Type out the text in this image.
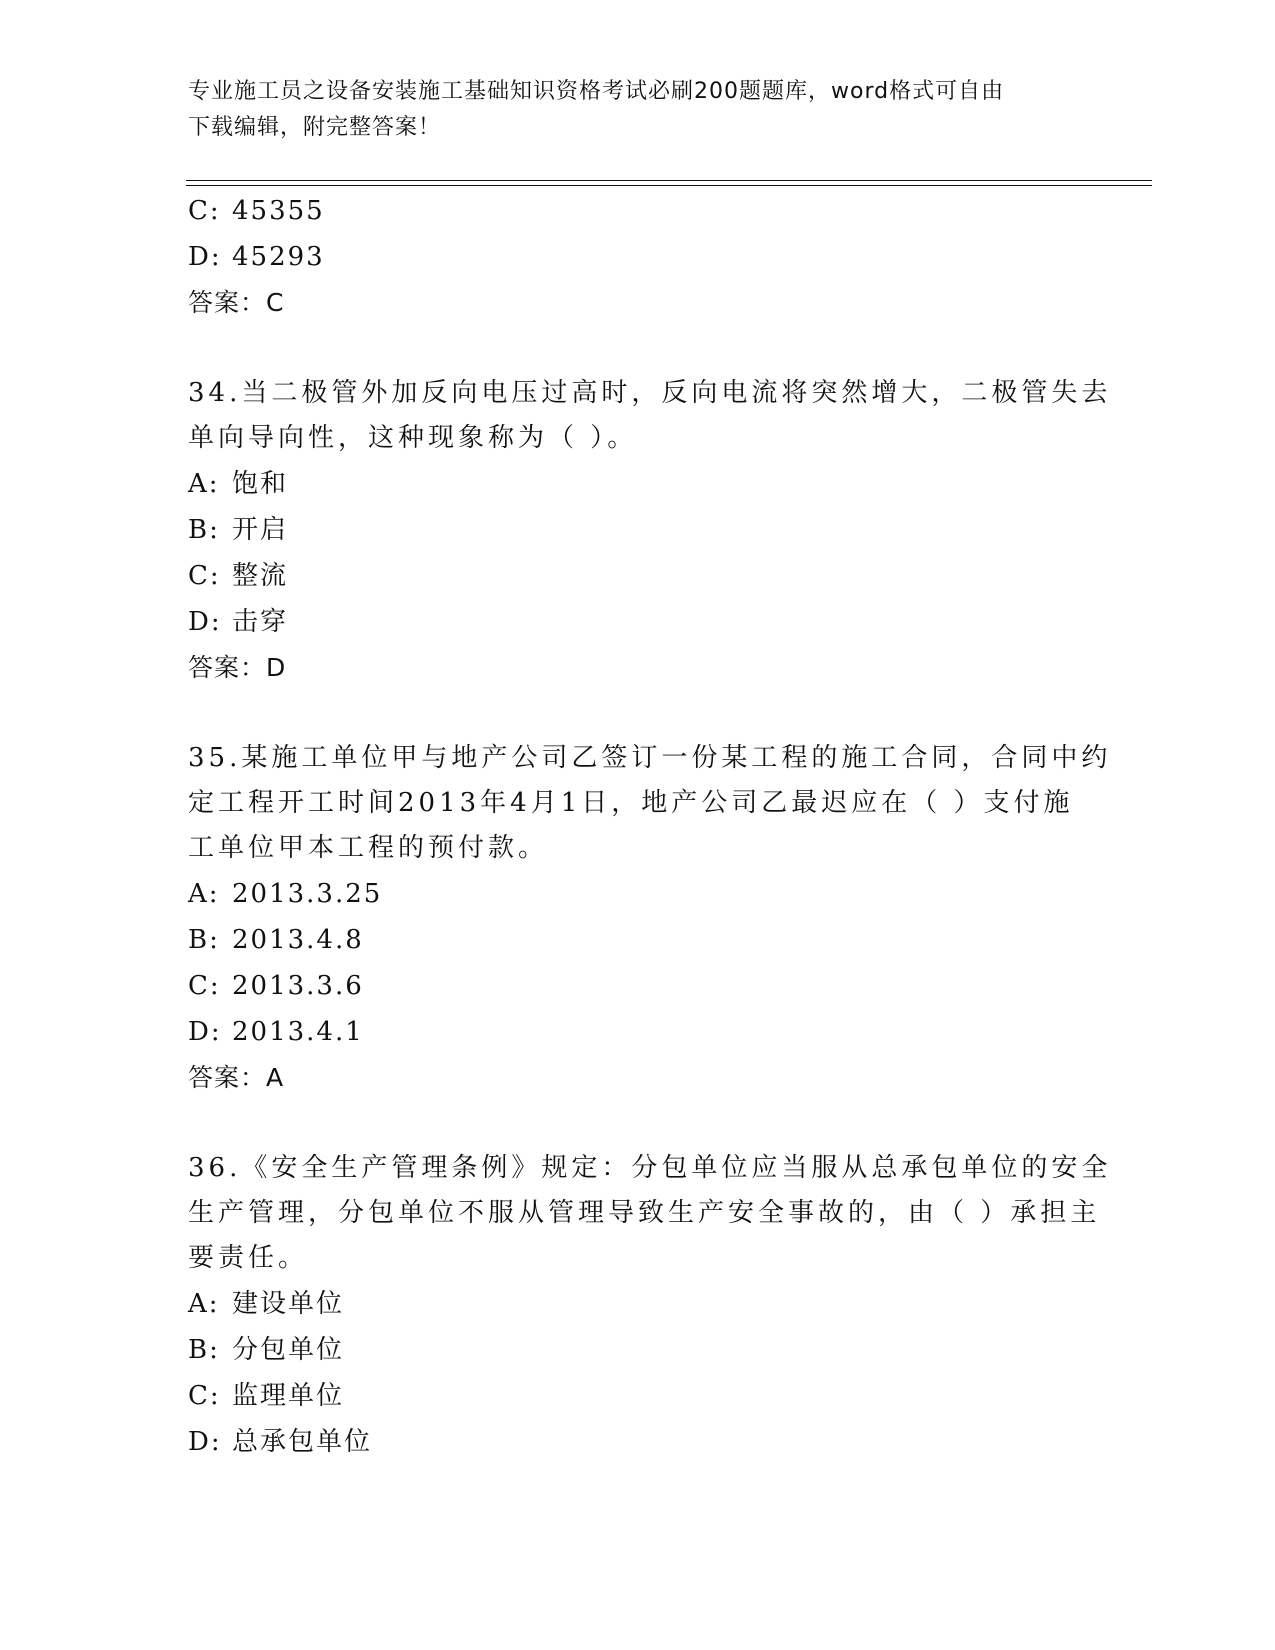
专业施工员之设备安装施工基础知识资格考试必刷200题题库，word格式可自由
下载编辑，附完整答案！
C: 45355
D: 45293
答案：C
34.当二极管外加反向电压过高时，反向电流将突然增大，二极管失去
单向导向性，这种现象称为（ ）。
A: 饱和
B: 开启
C: 整流
D: 击穿
答案：D
35.某施工单位甲与地产公司乙签订一份某工程的施工合同，合同中约
定工程开工时间2013年4月1日，地产公司乙最迟应在（ ）支付施
工单位甲本工程的预付款。
A: 2013.3.25
B: 2013.4.8
C: 2013.3.6
D: 2013.4.1
答案：A
36.《安全生产管理条例》规定：分包单位应当服从总承包单位的安全
生产管理，分包单位不服从管理导致生产安全事故的，由（ ）承担主
要责任。
A: 建设单位
B: 分包单位
C: 监理单位
D: 总承包单位
